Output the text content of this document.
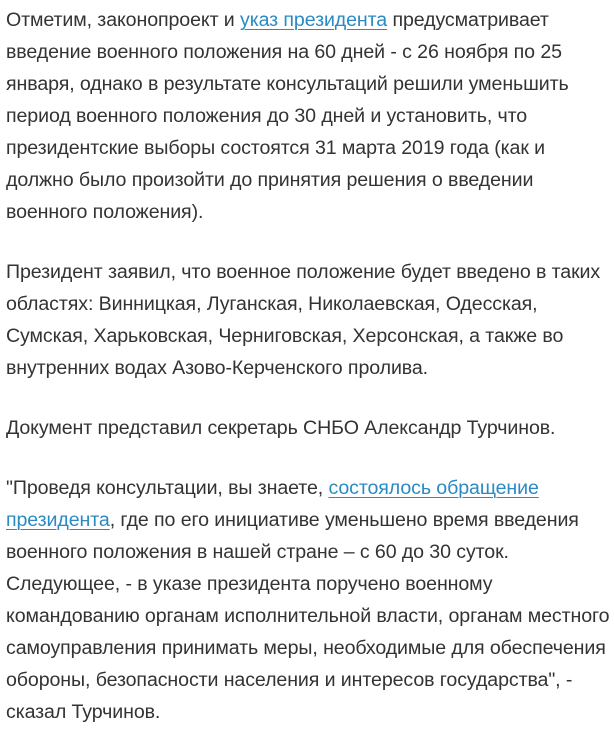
Отметим, законопроект и указ президента предусматривает введение военного положения на 60 дней - с 26 ноября по 25 января, однако в результате консультаций решили уменьшить период военного положения до 30 дней и установить, что президентские выборы состоятся 31 марта 2019 года (как и должно было произойти до принятия решения о введении военного положения).

Президент заявил, что военное положение будет введено в таких областях: Винницкая, Луганская, Николаевская, Одесская, Сумская, Харьковская, Черниговская, Херсонская, а также во внутренних водах Азово-Керченского пролива.

Документ представил секретарь СНБО Александр Турчинов.

"Проведя консультации, вы знаете, состоялось обращение президента, где по его инициативе уменьшено время введения военного положения в нашей стране – с 60 до 30 суток. Следующее, - в указе президента поручено военному командованию органам исполнительной власти, органам местного самоуправления принимать меры, необходимые для обеспечения обороны, безопасности населения и интересов государства", - сказал Турчинов.
